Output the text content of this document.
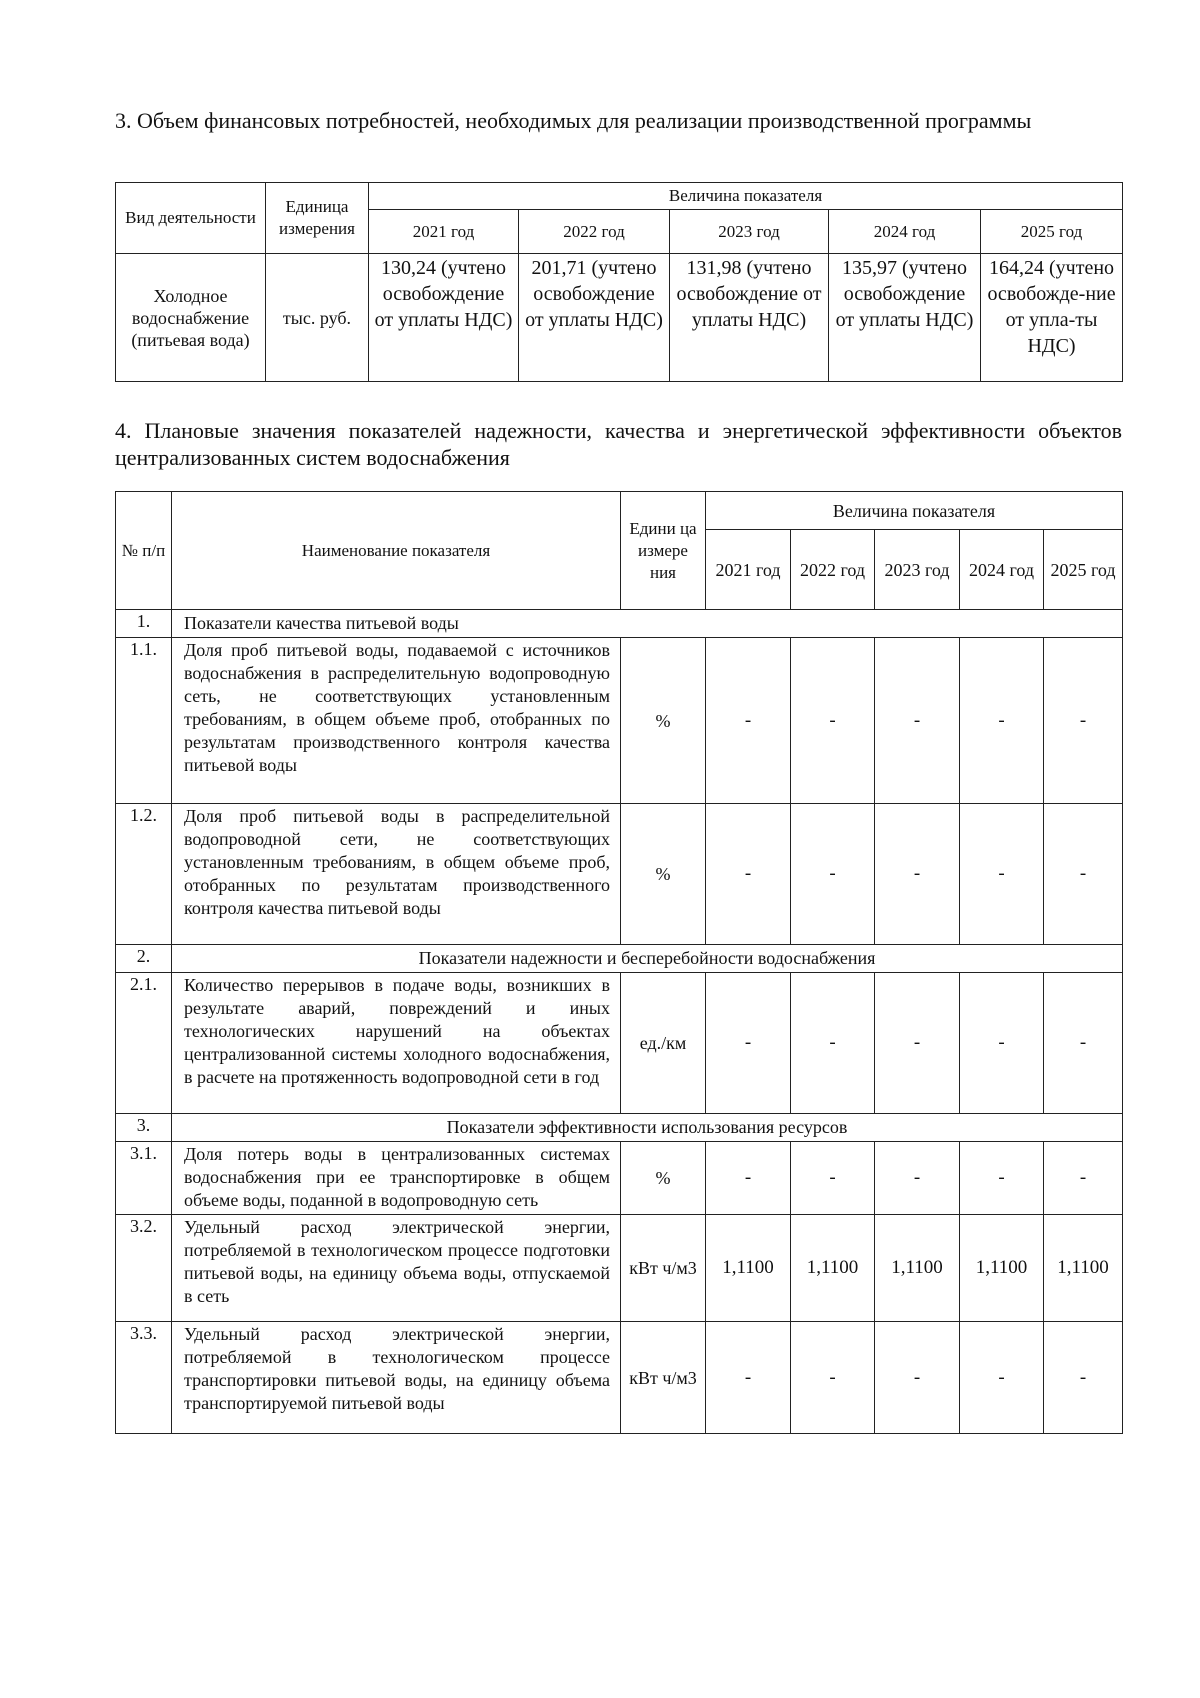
3. Объем финансовых потребностей, необходимых для реализации производственной программы

Вид деятельности	Единица измерения	Величина показателя				
		2021 год	2022 год	2023 год	2024 год	2025 год
Холодное водоснабжение (питьевая вода)	тыс. руб.	130,24 (учтено освобождение от уплаты НДС)	201,71 (учтено освобождение от уплаты НДС)	131,98 (учтено освобождение от уплаты НДС)	135,97 (учтено освобождение от уплаты НДС)	164,24 (учтено освобожде-ние от упла-ты НДС)

4. Плановые значения показателей надежности, качества и энергетической эффективности объектов централизованных систем водоснабжения

№ п/п	Наименование показателя	Едини ца измере ния	Величина показателя				
			2021 год	2022 год	2023 год	2024 год	2025 год
1.	Показатели качества питьевой воды						
1.1.	Доля проб питьевой воды, подаваемой с источников водоснабжения в распределительную водопроводную сеть, не соответствующих установленным требованиям, в общем объеме проб, отобранных по результатам производственного контроля качества питьевой воды	%	-	-	-	-	-
1.2.	Доля проб питьевой воды в распределительной водопроводной сети, не соответствующих установленным требованиям, в общем объеме проб, отобранных по результатам производственного контроля качества питьевой воды	%	-	-	-	-	-
2.	Показатели надежности и бесперебойности водоснабжения						
2.1.	Количество перерывов в подаче воды, возникших в результате аварий, повреждений и иных технологических нарушений на объектах централизованной системы холодного водоснабжения, в расчете на протяженность водопроводной сети в год	ед./км	-	-	-	-	-
3.	Показатели эффективности использования ресурсов						
3.1.	Доля потерь воды в централизованных системах водоснабжения при ее транспортировке в общем объеме воды, поданной в водопроводную сеть	%	-	-	-	-	-
3.2.	Удельный расход электрической энергии, потребляемой в технологическом процессе подготовки питьевой воды, на единицу объема воды, отпускаемой в сеть	кВт ч/м3	1,1100	1,1100	1,1100	1,1100	1,1100
3.3.	Удельный расход электрической энергии, потребляемой в технологическом процессе транспортировки питьевой воды, на единицу объема транспортируемой питьевой воды	кВт ч/м3	-	-	-	-	-
